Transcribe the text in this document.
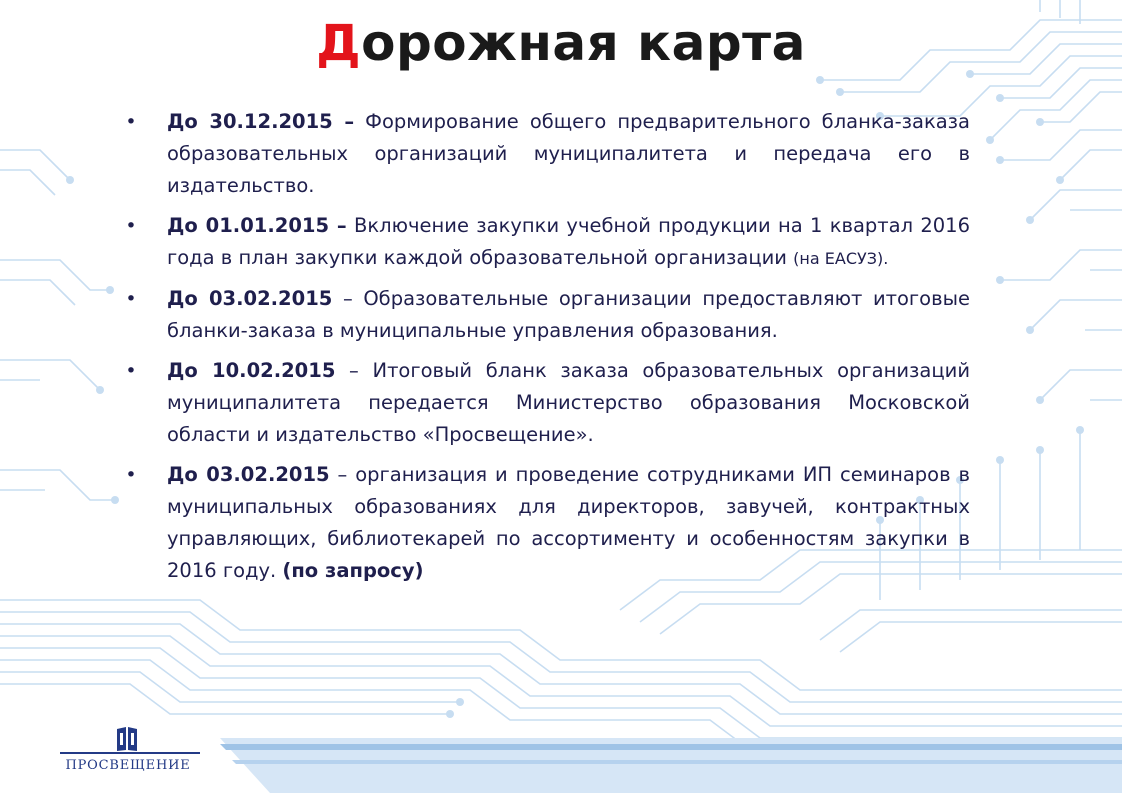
Дорожная карта
• До 30.12.2015 – Формирование общего предварительного бланка-заказа образовательных организаций муниципалитета и передача его в издательство.
• До 01.01.2015 – Включение закупки учебной продукции на 1 квартал 2016 года в план закупки каждой образовательной организации (на ЕАСУЗ).
• До 03.02.2015 – Образовательные организации предоставляют итоговые бланки-заказа в муниципальные управления образования.
• До 10.02.2015 – Итоговый бланк заказа образовательных организаций муниципалитета передается Министерство образования Московской области и издательство «Просвещение».
• До 03.02.2015 – организация и проведение сотрудниками ИП семинаров в муниципальных образованиях для директоров, завучей, контрактных управляющих, библиотекарей по ассортименту и особенностям закупки в 2016 году. (по запросу)
ПРОСВЕЩЕНИЕ
